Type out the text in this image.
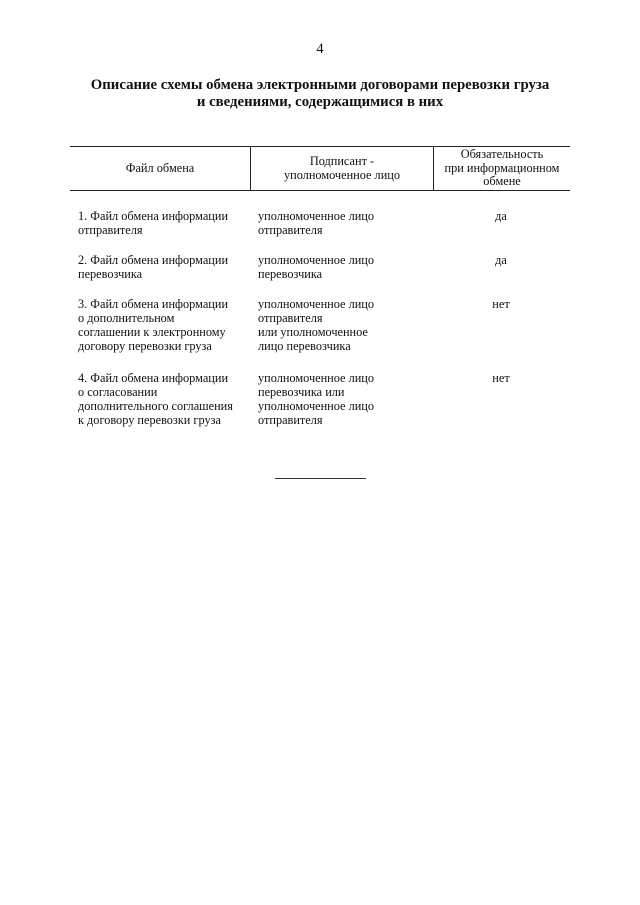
4
Описание схемы обмена электронными договорами перевозки груза
и сведениями, содержащимися в них
Файл обмена	Подписант -
уполномоченное лицо
Обязательность
при информационном
обмене
1. Файл обмена информации
отправителя
уполномоченное лицо
отправителя
да
2. Файл обмена информации
перевозчика
уполномоченное лицо
перевозчика
да
3. Файл обмена информации
о дополнительном
соглашении к электронному
договору перевозки груза
уполномоченное лицо
отправителя
или уполномоченное
лицо перевозчика
нет
4. Файл обмена информации
о согласовании
дополнительного соглашения
к договору перевозки груза
уполномоченное лицо
перевозчика или
уполномоченное лицо
отправителя
нет
